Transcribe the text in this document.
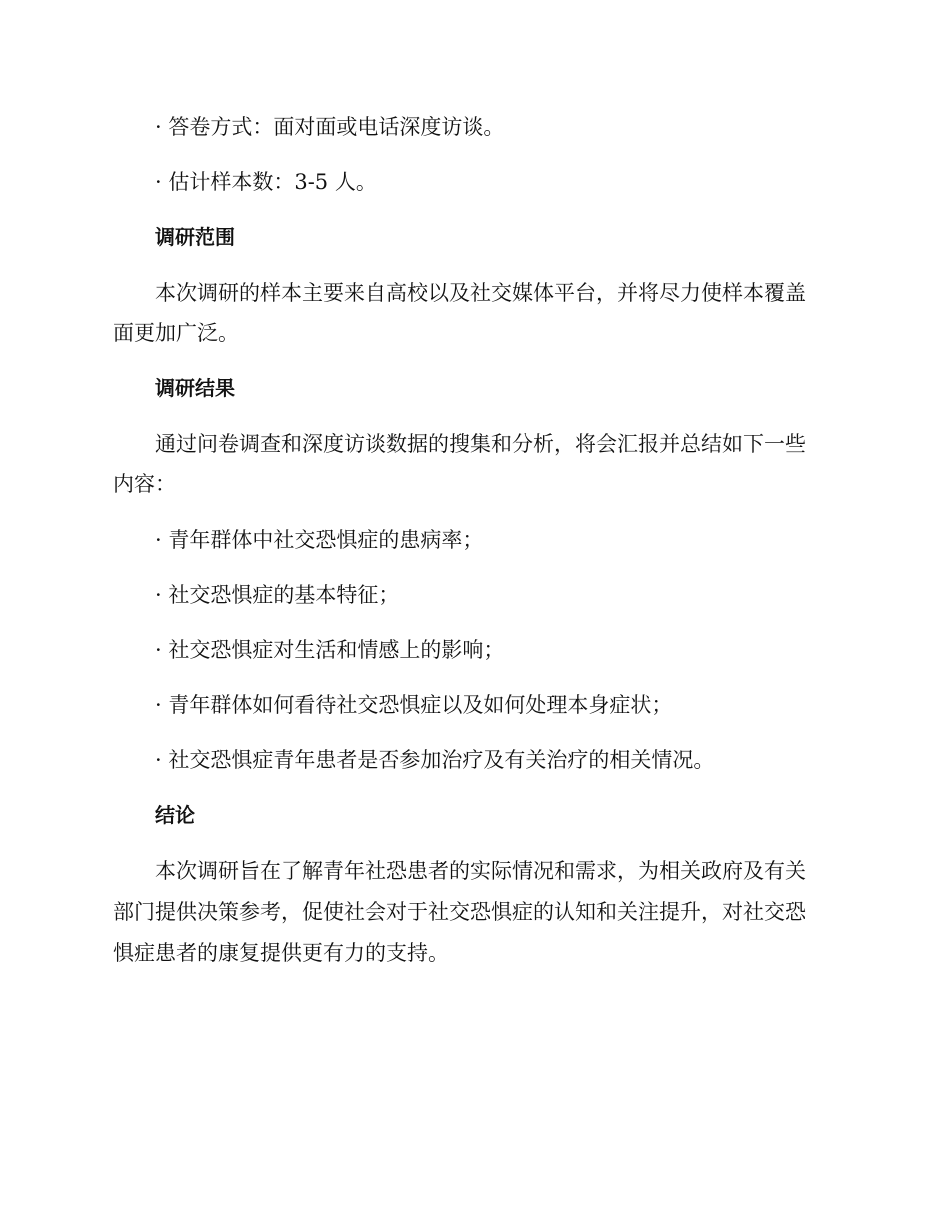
· 答卷方式：面对面或电话深度访谈。
· 估计样本数：3-5 人。
调研范围
本次调研的样本主要来自高校以及社交媒体平台，并将尽力使样本覆盖
面更加广泛。
调研结果
通过问卷调查和深度访谈数据的搜集和分析，将会汇报并总结如下一些
内容：
· 青年群体中社交恐惧症的患病率；
· 社交恐惧症的基本特征；
· 社交恐惧症对生活和情感上的影响；
· 青年群体如何看待社交恐惧症以及如何处理本身症状；
· 社交恐惧症青年患者是否参加治疗及有关治疗的相关情况。
结论
本次调研旨在了解青年社恐患者的实际情况和需求，为相关政府及有关
部门提供决策参考，促使社会对于社交恐惧症的认知和关注提升，对社交恐
惧症患者的康复提供更有力的支持。
